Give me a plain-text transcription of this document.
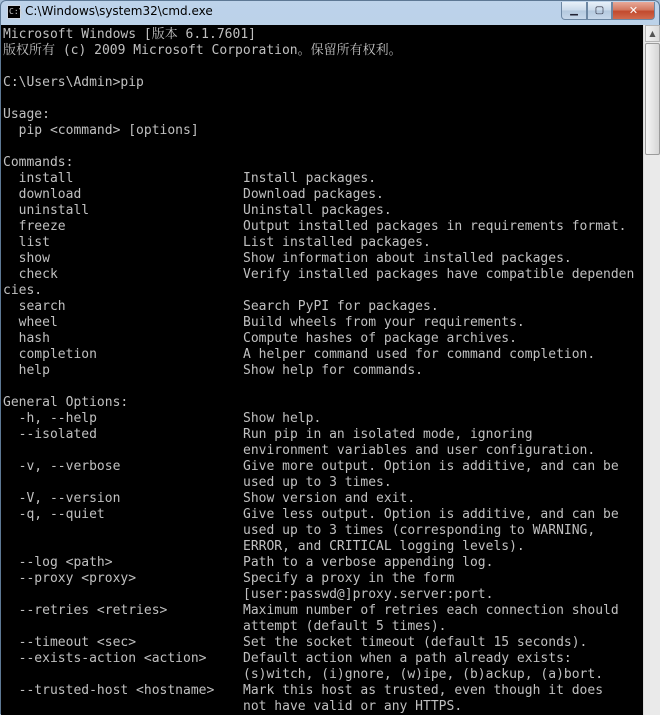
C:\ C:\Windows\system32\cmd.exe	▁	▢	✕
Microsoft Windows [版本 6.1.7601]
版权所有 (c) 2009 Microsoft Corporation。保留所有权利。
C:\Users\Admin>pip
Usage:
pip <command> [options]
Commands:
install	Install packages.
download	Download packages.
uninstall	Uninstall packages.
freeze	Output installed packages in requirements format.
list	List installed packages.
show	Show information about installed packages.
check	Verify installed packages have compatible dependen
cies.
search	Search PyPI for packages.
wheel	Build wheels from your requirements.
hash	Compute hashes of package archives.
completion	A helper command used for command completion.
help	Show help for commands.
General Options:
-h, --help	Show help.
--isolated	Run pip in an isolated mode, ignoring
environment variables and user configuration.
-v, --verbose	Give more output. Option is additive, and can be
used up to 3 times.
-V, --version	Show version and exit.
-q, --quiet	Give less output. Option is additive, and can be
used up to 3 times (corresponding to WARNING,
ERROR, and CRITICAL logging levels).
--log <path>	Path to a verbose appending log.
--proxy <proxy>	Specify a proxy in the form
[user:passwd@]proxy.server:port.
--retries <retries>	Maximum number of retries each connection should
attempt (default 5 times).
--timeout <sec>	Set the socket timeout (default 15 seconds).
--exists-action <action>	Default action when a path already exists:
(s)witch, (i)gnore, (w)ipe, (b)ackup, (a)bort.
--trusted-host <hostname> Mark this host as trusted, even though it does
not have valid or any HTTPS.
▲
